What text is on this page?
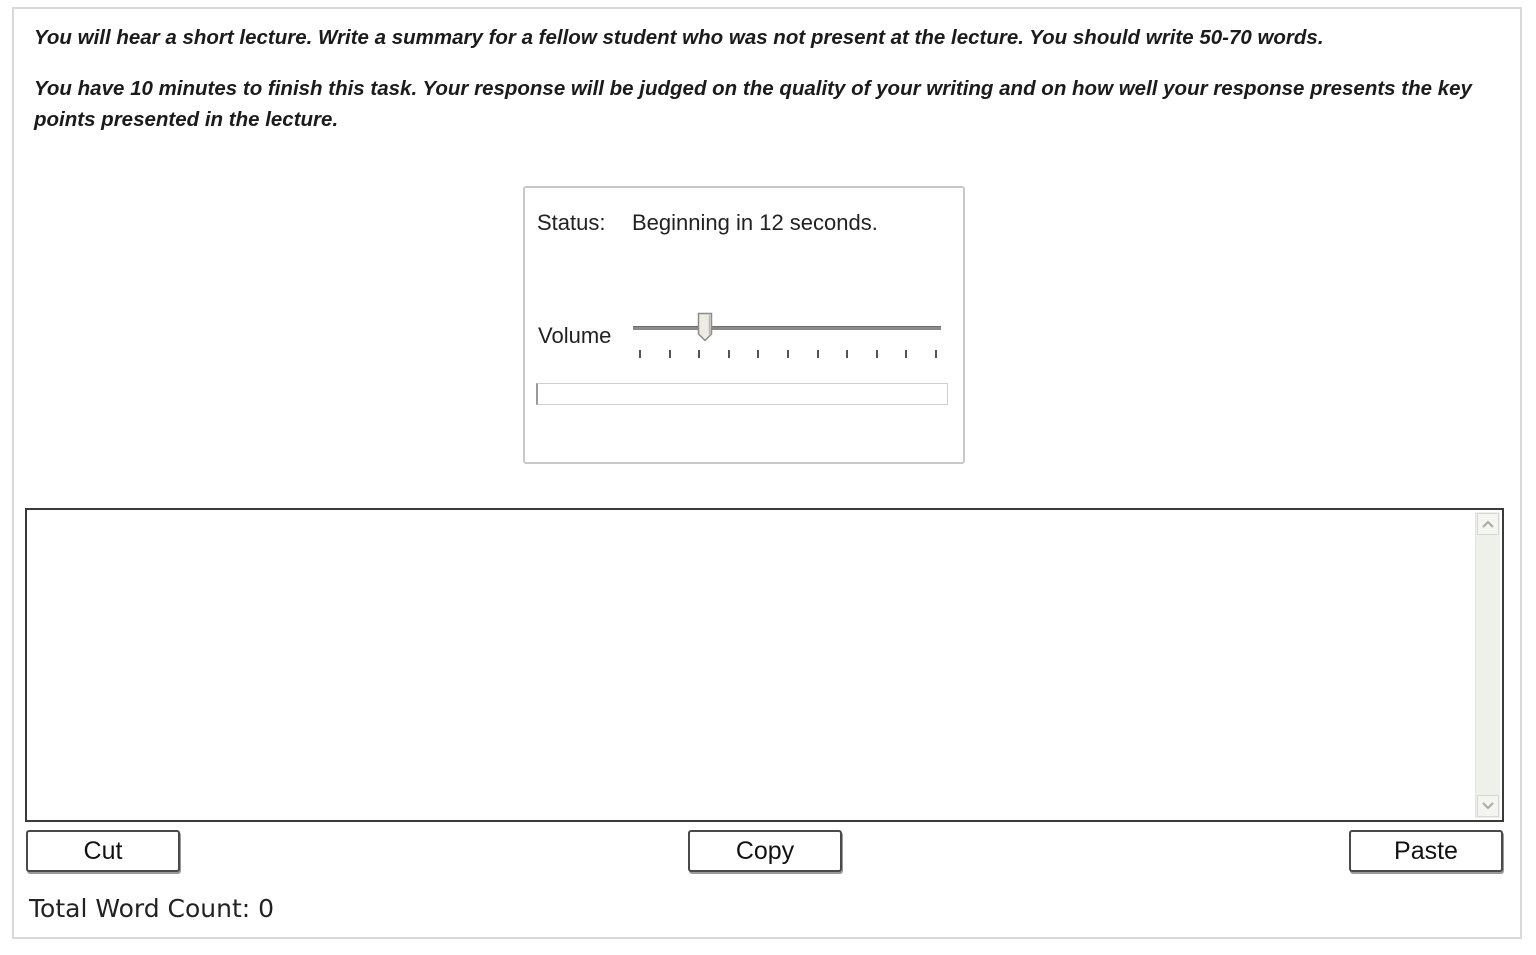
You will hear a short lecture. Write a summary for a fellow student who was not present at the lecture. You should write 50-70 words.
You have 10 minutes to finish this task. Your response will be judged on the quality of your writing and on how well your response presents the key points presented in the lecture.
Status: Beginning in 12 seconds.
Volume
Cut	Copy	Paste
Total Word Count: 0
